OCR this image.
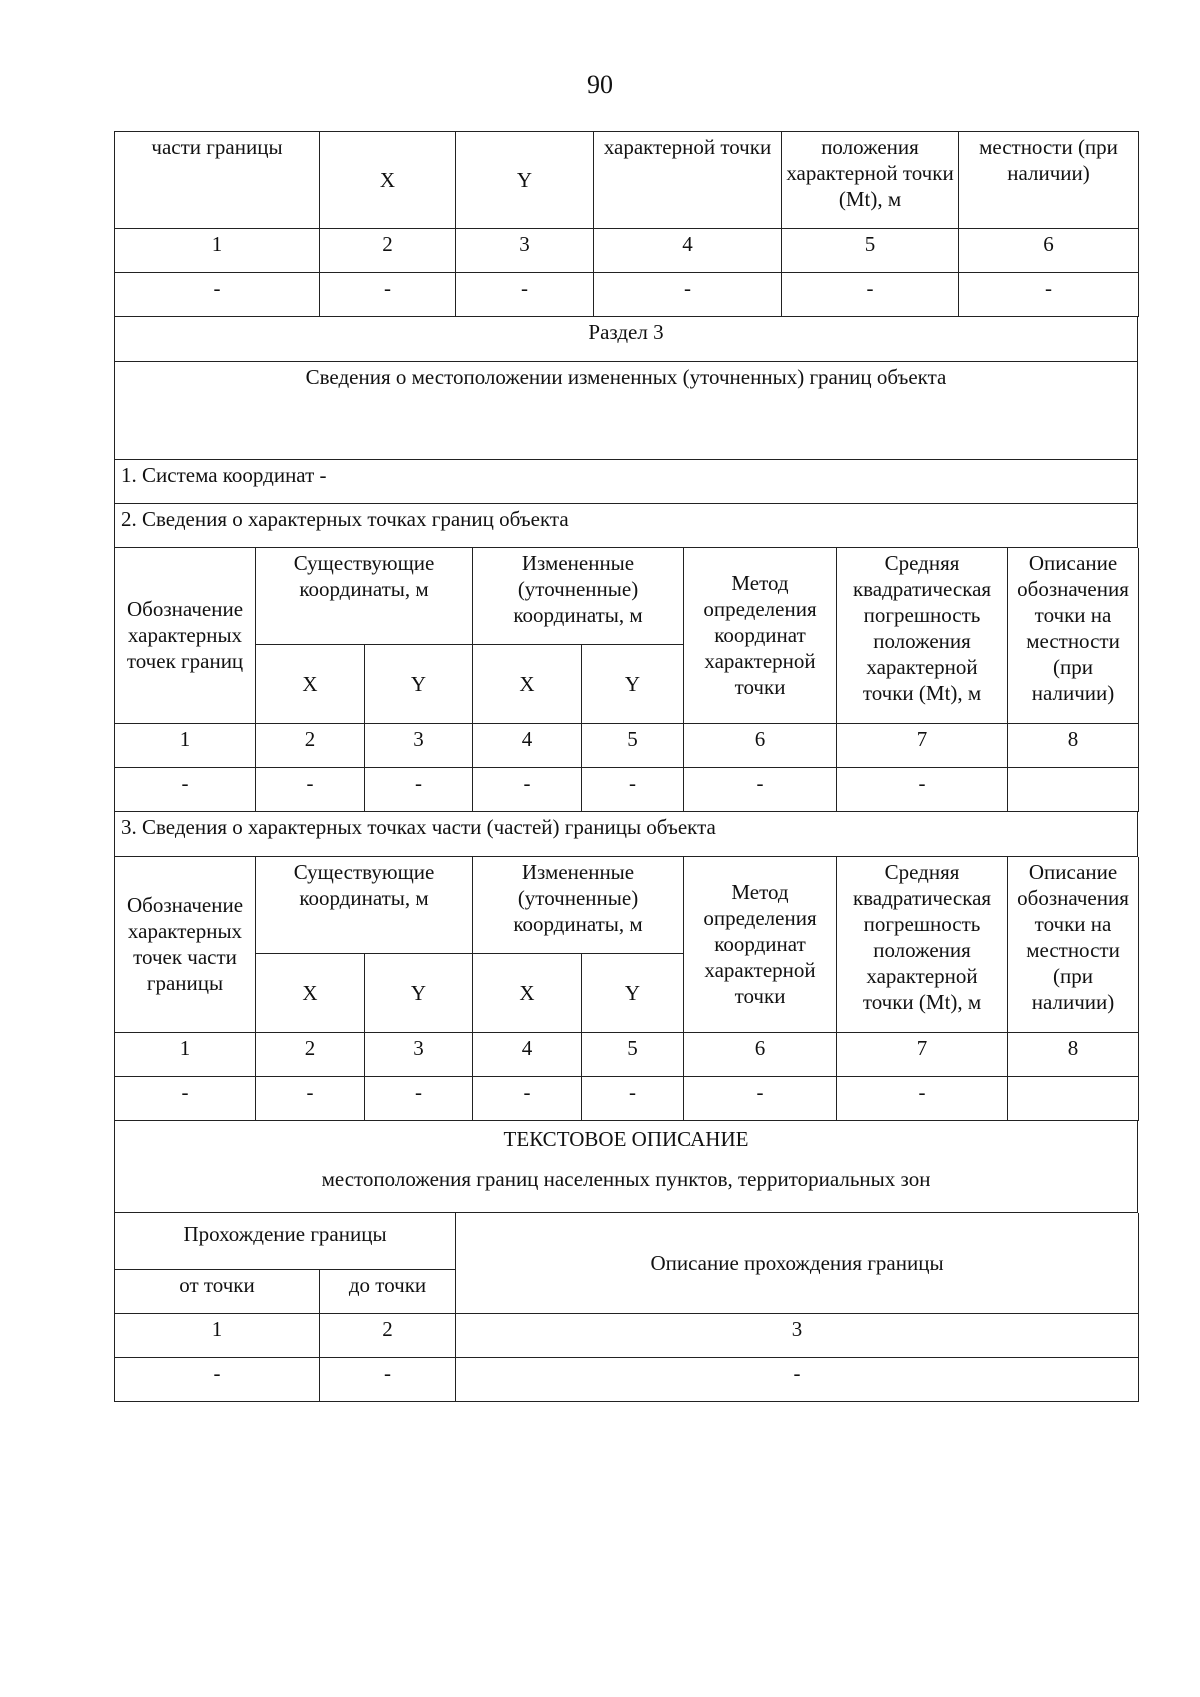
90
части границы	X	Y	характерной точки	положения характерной точки (Mt), м	местности (при наличии)
1	2	3	4	5	6
-	-	-	-	-	-
Раздел 3
Сведения о местоположении измененных (уточненных) границ объекта
1. Система координат -
2. Сведения о характерных точках границ объекта
Обозначение характерных точек границ	Существующие координаты, м		Измененные (уточненные) координаты, м		Метод определения координат характерной точки	Средняя квадратическая погрешность положения характерной точки (Mt), м	Описание обозначения точки на местности (при наличии)
	X	Y	X	Y			
1	2	3	4	5	6	7	8
-	-	-	-	-	-	-	
3. Сведения о характерных точках части (частей) границы объекта
Обозначение характерных точек части границы	Существующие координаты, м		Измененные (уточненные) координаты, м		Метод определения координат характерной точки	Средняя квадратическая погрешность положения характерной точки (Mt), м	Описание обозначения точки на местности (при наличии)
	X	Y	X	Y			
1	2	3	4	5	6	7	8
-	-	-	-	-	-	-	
ТЕКСТОВОЕ ОПИСАНИЕ
местоположения границ населенных пунктов, территориальных зон
Прохождение границы		Описание прохождения границы
от точки	до точки	
1	2	3
-	-	-
